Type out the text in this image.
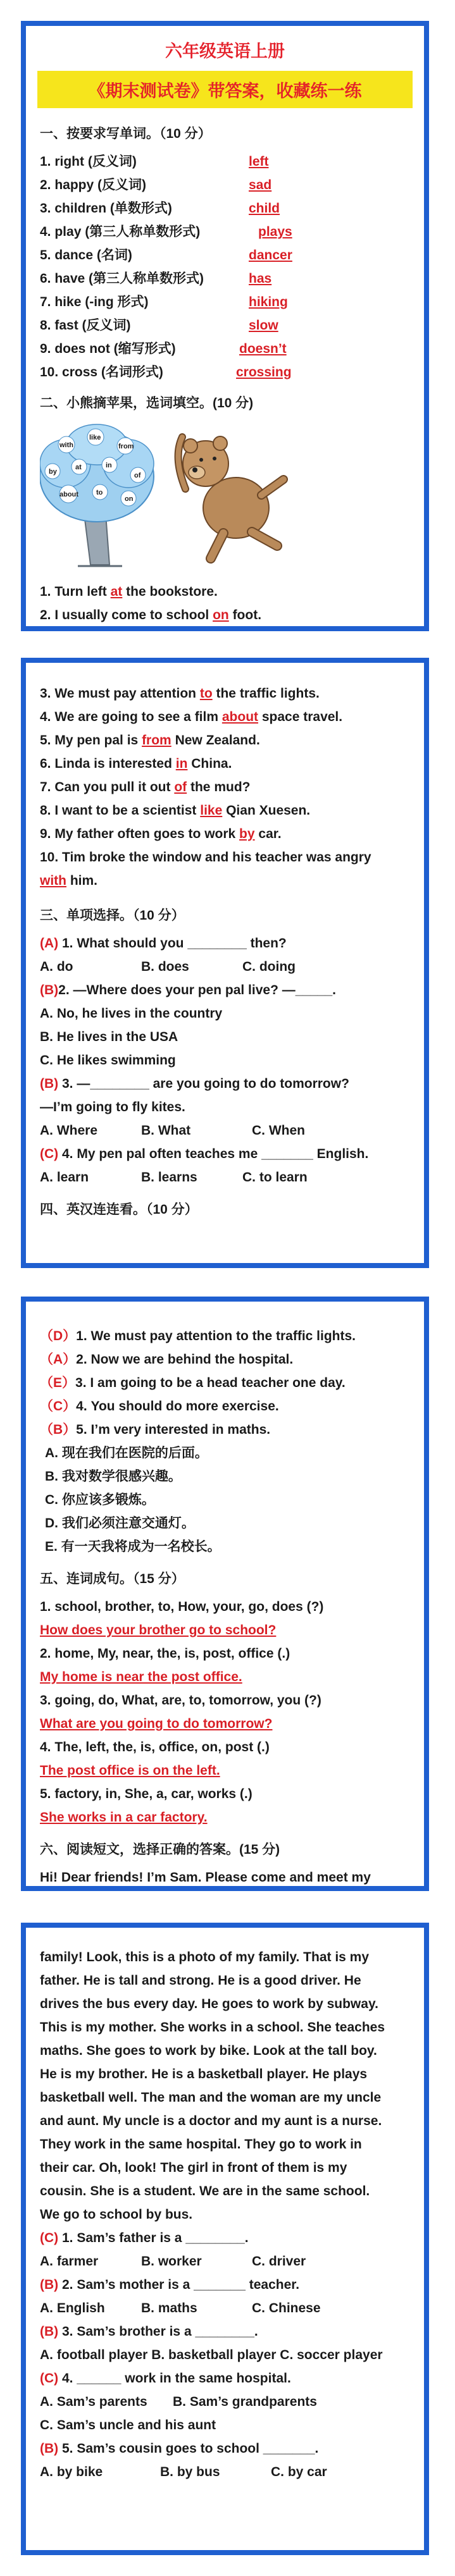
六年级英语上册
《期末测试卷》带答案，收藏练一练
一、按要求写单词。（10 分）
1. right (反义词)	left
2. happy (反义词)	sad
3. children (单数形式)	child
4. play (第三人称单数形式)	plays
5. dance (名词)	dancer
6. have (第三人称单数形式)	has
7. hike (-ing 形式)	hiking
8. fast (反义词)	slow
9. does not (缩写形式)	doesn’t
10. cross (名词形式)	crossing
二、小熊摘苹果，选词填空。(10 分)
with
like
from
by
at	in
of
about	to
on
1. Turn left at the bookstore.
2. I usually come to school on foot.
3. We must pay attention to the traffic lights.
4. We are going to see a film about space travel.
5. My pen pal is from New Zealand.
6. Linda is interested in China.
7. Can you pull it out of the mud?
8. I want to be a scientist like Qian Xuesen.
9. My father often goes to work by car.
10. Tim broke the window and his teacher was angry
with him.
三、单项选择。（10 分）
(A) 1. What should you ________ then?
A. do	B. does	C. doing
(B)2. —Where does your pen pal live? —_____.
A. No, he lives in the country
B. He lives in the USA
C. He likes swimming
(B) 3. —________ are you going to do tomorrow?
—I’m going to fly kites.
A. Where	B. What	C. When
(C) 4. My pen pal often teaches me _______ English.
A. learn	B. learns	C. to learn
四、英汉连连看。（10 分）
（D）1. We must pay attention to the traffic lights.
（A）2. Now we are behind the hospital.
（E）3. I am going to be a head teacher one day.
（C）4. You should do more exercise.
（B）5. I’m very interested in maths.
A. 现在我们在医院的后面。
B. 我对数学很感兴趣。
C. 你应该多锻炼。
D. 我们必须注意交通灯。
E. 有一天我将成为一名校长。
五、连词成句。（15 分）
1. school, brother, to, How, your, go, does (?)
How does your brother go to school?
2. home, My, near, the, is, post, office (.)
My home is near the post office.
3. going, do, What, are, to, tomorrow, you (?)
What are you going to do tomorrow?
4. The, left, the, is, office, on, post (.)
The post office is on the left.
5. factory, in, She, a, car, works (.)
She works in a car factory.
六、阅读短文，选择正确的答案。(15 分)
Hi! Dear friends! I’m Sam. Please come and meet my
family! Look, this is a photo of my family. That is my
father. He is tall and strong. He is a good driver. He
drives the bus every day. He goes to work by subway.
This is my mother. She works in a school. She teaches
maths. She goes to work by bike. Look at the tall boy.
He is my brother. He is a basketball player. He plays
basketball well. The man and the woman are my uncle
and aunt. My uncle is a doctor and my aunt is a nurse.
They work in the same hospital. They go to work in
their car. Oh, look! The girl in front of them is my
cousin. She is a student. We are in the same school.
We go to school by bus.
(C) 1. Sam’s father is a ________.
A. farmer	B. worker	C. driver
(B) 2. Sam’s mother is a _______ teacher.
A. English	B. maths	C. Chinese
(B) 3. Sam’s brother is a ________.
A. football player B. basketball player C. soccer player
(C) 4. ______ work in the same hospital.
A. Sam’s parents	B. Sam’s grandparents
C. Sam’s uncle and his aunt
(B) 5. Sam’s cousin goes to school _______.
A. by bike	B. by bus	C. by car
